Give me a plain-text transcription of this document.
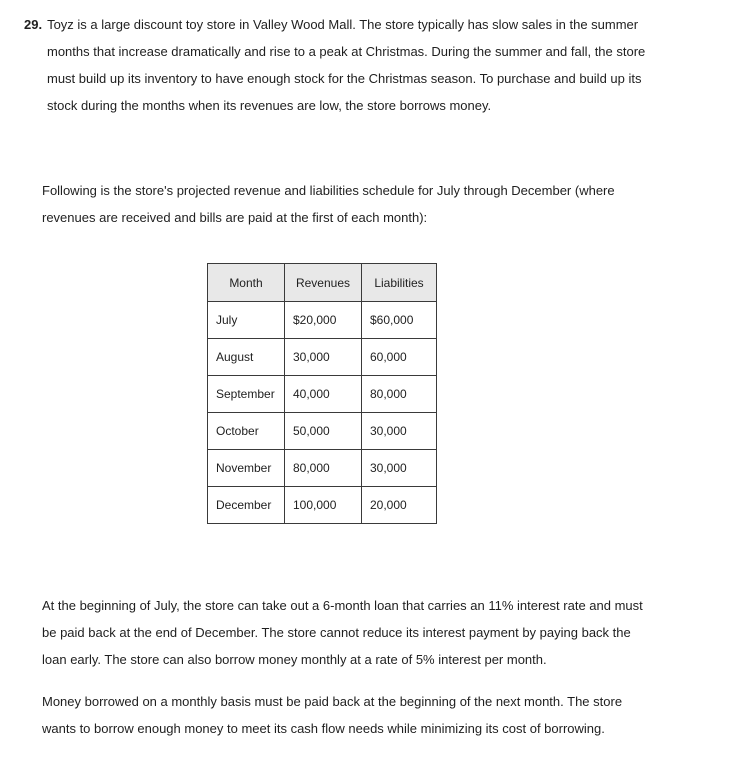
29. Toyz is a large discount toy store in Valley Wood Mall. The store typically has slow sales in the summer months that increase dramatically and rise to a peak at Christmas. During the summer and fall, the store must build up its inventory to have enough stock for the Christmas season. To purchase and build up its stock during the months when its revenues are low, the store borrows money.

Following is the store's projected revenue and liabilities schedule for July through December (where revenues are received and bills are paid at the first of each month):

Month	Revenues	Liabilities
July	$20,000	$60,000
August	30,000	60,000
September	40,000	80,000
October	50,000	30,000
November	80,000	30,000
December	100,000	20,000

At the beginning of July, the store can take out a 6-month loan that carries an 11% interest rate and must be paid back at the end of December. The store cannot reduce its interest payment by paying back the loan early. The store can also borrow money monthly at a rate of 5% interest per month.

Money borrowed on a monthly basis must be paid back at the beginning of the next month. The store wants to borrow enough money to meet its cash flow needs while minimizing its cost of borrowing.
